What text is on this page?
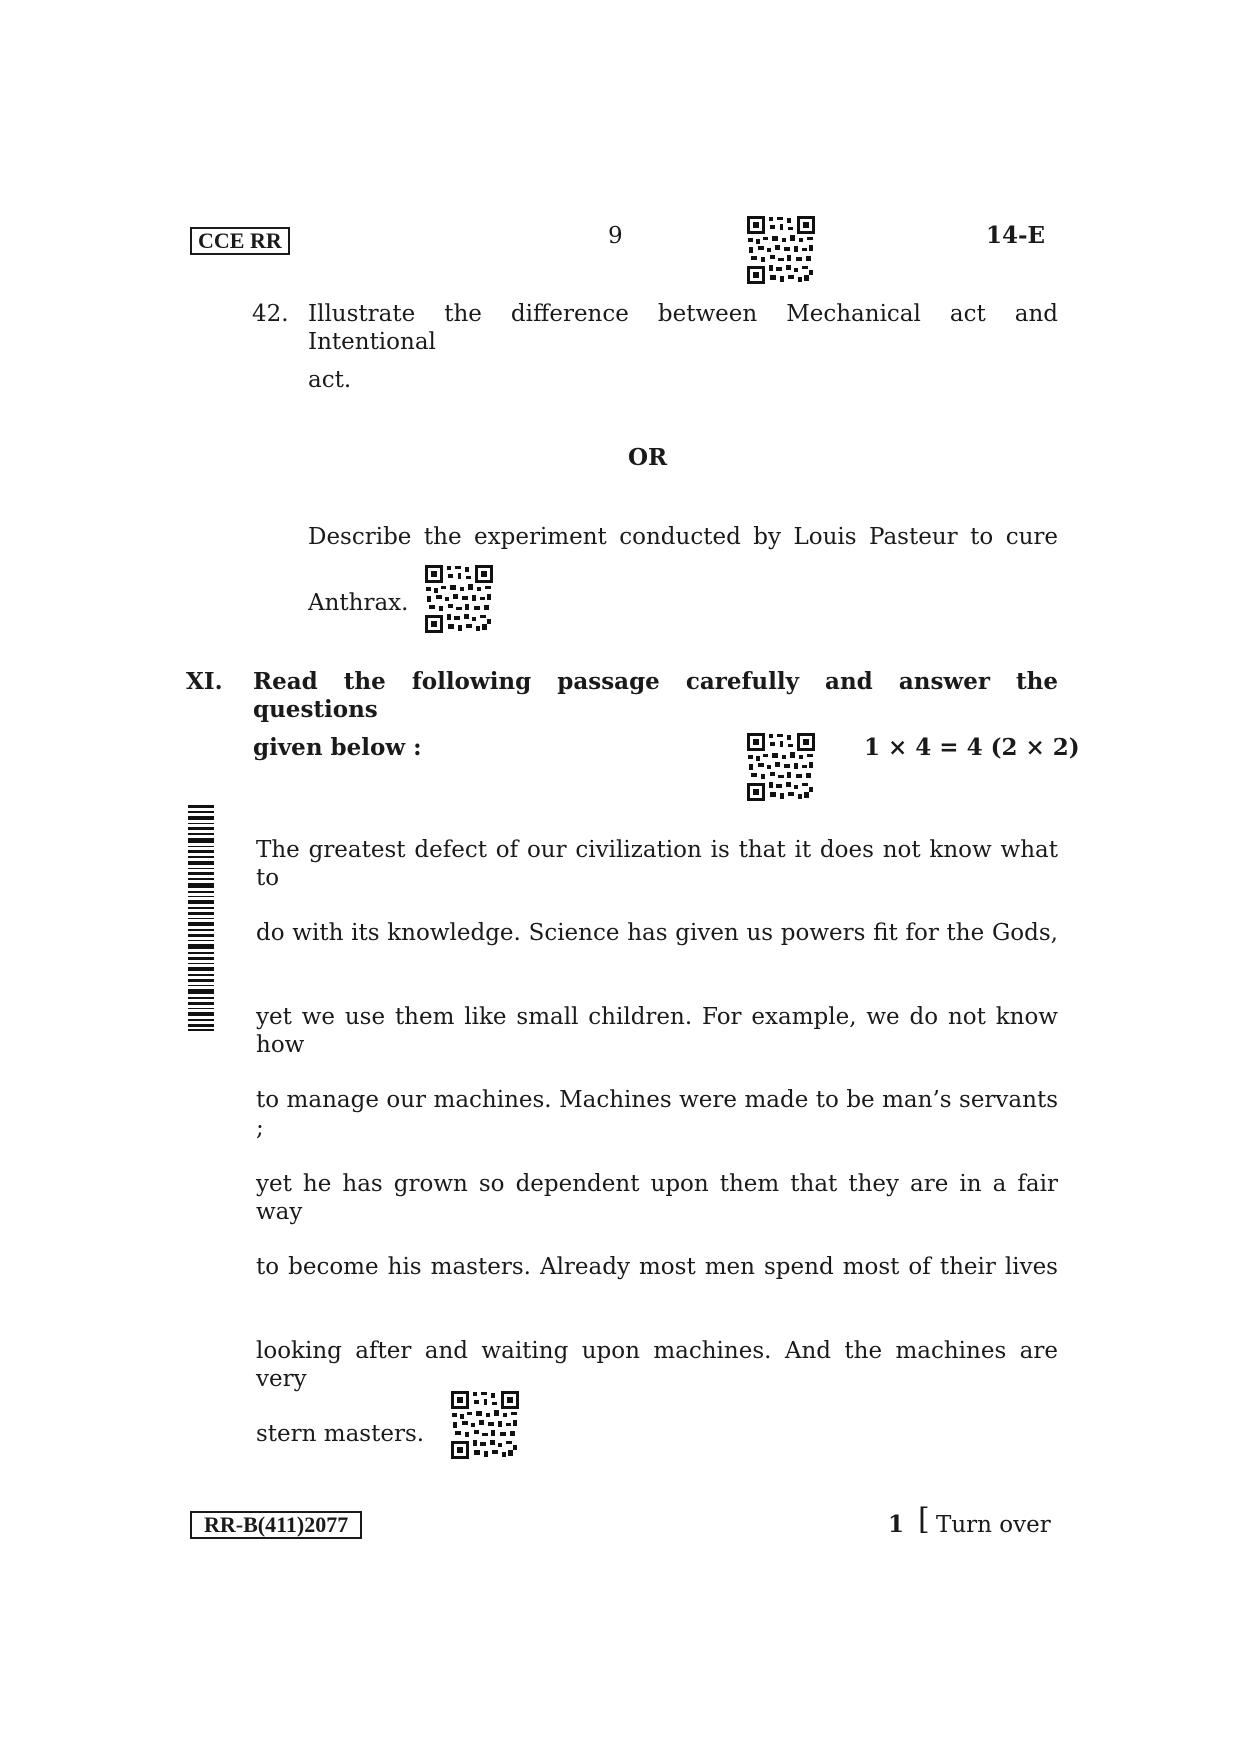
CCE RR	9	14-E
42. Illustrate the difference between Mechanical act and Intentional
act.
OR
Describe the experiment conducted by Louis Pasteur to cure
Anthrax.
XI. Read the following passage carefully and answer the questions
given below :	1 × 4 = 4 (2 × 2)
The greatest defect of our civilization is that it does not know what to
do with its knowledge. Science has given us powers fit for the Gods,
yet we use them like small children. For example, we do not know how
to manage our machines. Machines were made to be man’s servants ;
yet he has grown so dependent upon them that they are in a fair way
to become his masters. Already most men spend most of their lives
looking after and waiting upon machines. And the machines are very
stern masters.
RR-B(411)2077	1 [ Turn over
